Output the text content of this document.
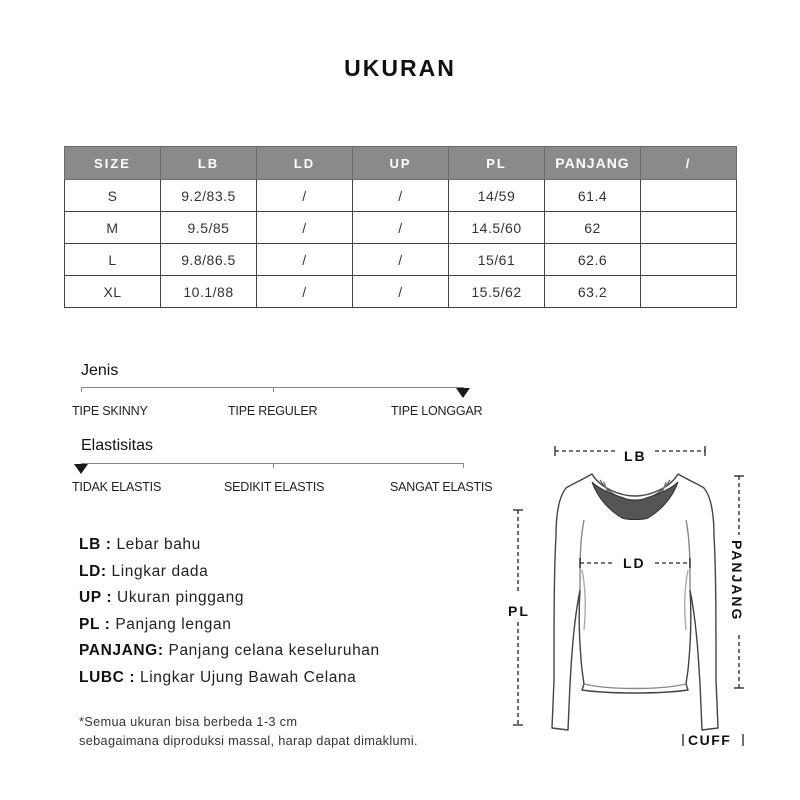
UKURAN
SIZE	LB	LD	UP	PL	PANJANG	/
S	9.2/83.5	/	/	14/59	61.4	
M	9.5/85	/	/	14.5/60	62	
L	9.8/86.5	/	/	15/61	62.6	
XL	10.1/88	/	/	15.5/62	63.2	
Jenis
TIPE SKINNY	TIPE REGULER	TIPE LONGGAR
Elastisitas
TIDAK ELASTIS	SEDIKIT ELASTIS	SANGAT ELASTIS
LB : Lebar bahu
LD: Lingkar dada
UP : Ukuran pinggang
PL : Panjang lengan
PANJANG: Panjang celana keseluruhan
LUBC : Lingkar Ujung Bawah Celana
*Semua ukuran bisa berbeda 1-3 cm
sebagaimana diproduksi massal, harap dapat dimaklumi.
LB
LD
PL	PANJANG
CUFF
